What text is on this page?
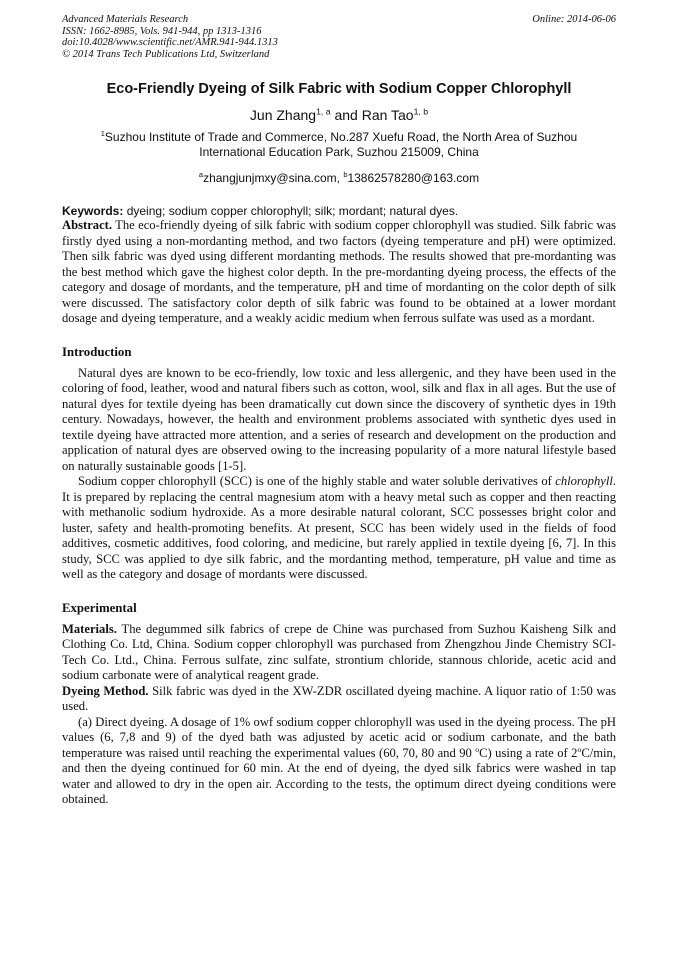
Advanced Materials Research
ISSN: 1662-8985, Vols. 941-944, pp 1313-1316
doi:10.4028/www.scientific.net/AMR.941-944.1313
© 2014 Trans Tech Publications Ltd, Switzerland
Online: 2014-06-06
Eco-Friendly Dyeing of Silk Fabric with Sodium Copper Chlorophyll
Jun Zhang$^{1, a}$ and Ran Tao$^{1, b}$
$^1$Suzhou Institute of Trade and Commerce, No.287 Xuefu Road, the North Area of Suzhou
International Education Park, Suzhou 215009, China
$^a$zhangjunjmxy@sina.com, $^b$13862578280@163.com
Keywords: dyeing; sodium copper chlorophyll; silk; mordant; natural dyes.

Abstract. The eco-friendly dyeing of silk fabric with sodium copper chlorophyll was studied. Silk fabric was firstly dyed using a non-mordanting method, and two factors (dyeing temperature and pH) were optimized. Then silk fabric was dyed using different mordanting methods. The results showed that pre-mordanting was the best method which gave the highest color depth. In the pre-mordanting dyeing process, the effects of the category and dosage of mordants, and the temperature, pH and time of mordanting on the color depth of silk were discussed. The satisfactory color depth of silk fabric was found to be obtained at a lower mordant dosage and dyeing temperature, and a weakly acidic medium when ferrous sulfate was used as a mordant.

Introduction

Natural dyes are known to be eco-friendly, low toxic and less allergenic, and they have been used in the coloring of food, leather, wood and natural fibers such as cotton, wool, silk and flax in all ages. But the use of natural dyes for textile dyeing has been dramatically cut down since the discovery of synthetic dyes in 19th century. Nowadays, however, the health and environment problems associated with synthetic dyes used in textile dyeing have attracted more attention, and a series of research and development on the production and application of natural dyes are observed owing to the increasing popularity of a more natural lifestyle based on naturally sustainable goods [1-5].

Sodium copper chlorophyll (SCC) is one of the highly stable and water soluble derivatives of chlorophyll. It is prepared by replacing the central magnesium atom with a heavy metal such as copper and then reacting with methanolic sodium hydroxide. As a more desirable natural colorant, SCC possesses bright color and luster, safety and health-promoting benefits. At present, SCC has been widely used in the fields of food additives, cosmetic additives, food coloring, and medicine, but rarely applied in textile dyeing [6, 7]. In this study, SCC was applied to dye silk fabric, and the mordanting method, temperature, pH value and time as well as the category and dosage of mordants were discussed.

Experimental

Materials. The degummed silk fabrics of crepe de Chine was purchased from Suzhou Kaisheng Silk and Clothing Co. Ltd, China. Sodium copper chlorophyll was purchased from Zhengzhou Jinde Chemistry SCI-Tech Co. Ltd., China. Ferrous sulfate, zinc sulfate, strontium chloride, stannous chloride, acetic acid and sodium carbonate were of analytical reagent grade.

Dyeing Method. Silk fabric was dyed in the XW-ZDR oscillated dyeing machine. A liquor ratio of 1:50 was used.

(a) Direct dyeing. A dosage of 1% owf sodium copper chlorophyll was used in the dyeing process. The pH values (6, 7,8 and 9) of the dyed bath was adjusted by acetic acid or sodium carbonate, and the bath temperature was raised until reaching the experimental values (60, 70, 80 and 90 $^o$C) using a rate of 2$^o$C/min, and then the dyeing continued for 60 min. At the end of dyeing, the dyed silk fabrics were washed in tap water and allowed to dry in the open air. According to the tests, the optimum direct dyeing conditions were obtained.
